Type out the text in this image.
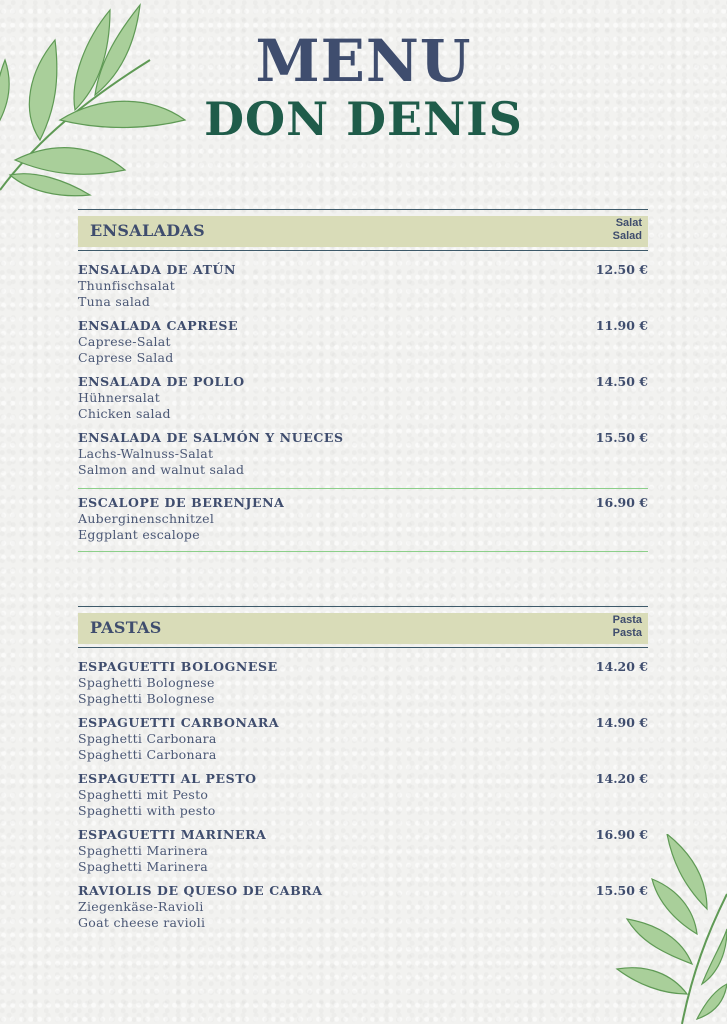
MENU
DON DENIS
ENSALADAS	Salat
Salad
ENSALADA DE ATÚN
Thunfischsalat
Tuna salad
12.50 €
ENSALADA CAPRESE
Caprese-Salat
Caprese Salad
11.90 €
ENSALADA DE POLLO
Hühnersalat
Chicken salad
14.50 €
ENSALADA DE SALMÓN Y NUECES
Lachs-Walnuss-Salat
Salmon and walnut salad
15.50 €
ESCALOPE DE BERENJENA
Auberginenschnitzel
Eggplant escalope
16.90 €
PASTAS	Pasta
Pasta
ESPAGUETTI BOLOGNESE
Spaghetti Bolognese
Spaghetti Bolognese
14.20 €
ESPAGUETTI CARBONARA
Spaghetti Carbonara
Spaghetti Carbonara
14.90 €
ESPAGUETTI AL PESTO
Spaghetti mit Pesto
Spaghetti with pesto
14.20 €
ESPAGUETTI MARINERA
Spaghetti Marinera
Spaghetti Marinera
16.90 €
RAVIOLIS DE QUESO DE CABRA
Ziegenkäse-Ravioli
Goat cheese ravioli
15.50 €
